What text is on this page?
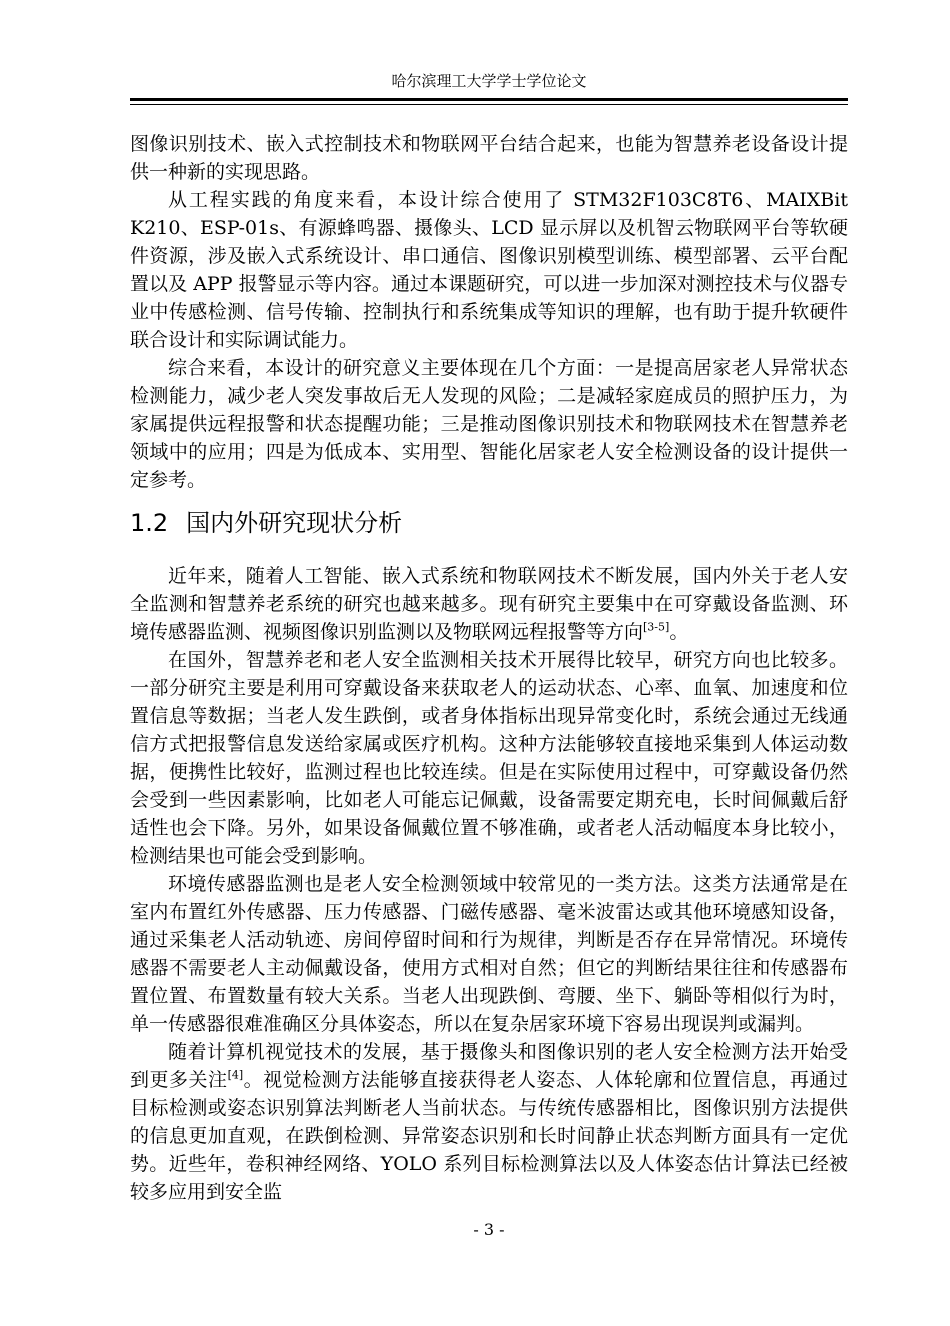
哈尔滨理工大学学士学位论文

图像识别技术、嵌入式控制技术和物联网平台结合起来，也能为智慧养老设备设计提供一种新的实现思路。

从工程实践的角度来看，本设计综合使用了 STM32F103C8T6、MAIXBit K210、ESP-01s、有源蜂鸣器、摄像头、LCD 显示屏以及机智云物联网平台等软硬件资源，涉及嵌入式系统设计、串口通信、图像识别模型训练、模型部署、云平台配置以及 APP 报警显示等内容。通过本课题研究，可以进一步加深对测控技术与仪器专业中传感检测、信号传输、控制执行和系统集成等知识的理解，也有助于提升软硬件联合设计和实际调试能力。

综合来看，本设计的研究意义主要体现在几个方面：一是提高居家老人异常状态检测能力，减少老人突发事故后无人发现的风险；二是减轻家庭成员的照护压力，为家属提供远程报警和状态提醒功能；三是推动图像识别技术和物联网技术在智慧养老领域中的应用；四是为低成本、实用型、智能化居家老人安全检测设备的设计提供一定参考。

1.2 国内外研究现状分析

近年来，随着人工智能、嵌入式系统和物联网技术不断发展，国内外关于老人安全监测和智慧养老系统的研究也越来越多。现有研究主要集中在可穿戴设备监测、环境传感器监测、视频图像识别监测以及物联网远程报警等方向[3-5]。

在国外，智慧养老和老人安全监测相关技术开展得比较早，研究方向也比较多。一部分研究主要是利用可穿戴设备来获取老人的运动状态、心率、血氧、加速度和位置信息等数据；当老人发生跌倒，或者身体指标出现异常变化时，系统会通过无线通信方式把报警信息发送给家属或医疗机构。这种方法能够较直接地采集到人体运动数据，便携性比较好，监测过程也比较连续。但是在实际使用过程中，可穿戴设备仍然会受到一些因素影响，比如老人可能忘记佩戴，设备需要定期充电，长时间佩戴后舒适性也会下降。另外，如果设备佩戴位置不够准确，或者老人活动幅度本身比较小，检测结果也可能会受到影响。

环境传感器监测也是老人安全检测领域中较常见的一类方法。这类方法通常是在室内布置红外传感器、压力传感器、门磁传感器、毫米波雷达或其他环境感知设备，通过采集老人活动轨迹、房间停留时间和行为规律，判断是否存在异常情况。环境传感器不需要老人主动佩戴设备，使用方式相对自然；但它的判断结果往往和传感器布置位置、布置数量有较大关系。当老人出现跌倒、弯腰、坐下、躺卧等相似行为时，单一传感器很难准确区分具体姿态，所以在复杂居家环境下容易出现误判或漏判。

随着计算机视觉技术的发展，基于摄像头和图像识别的老人安全检测方法开始受到更多关注[4]。视觉检测方法能够直接获得老人姿态、人体轮廓和位置信息，再通过目标检测或姿态识别算法判断老人当前状态。与传统传感器相比，图像识别方法提供的信息更加直观，在跌倒检测、异常姿态识别和长时间静止状态判断方面具有一定优势。近些年，卷积神经网络、YOLO 系列目标检测算法以及人体姿态估计算法已经被较多应用到安全监

- 3 -
